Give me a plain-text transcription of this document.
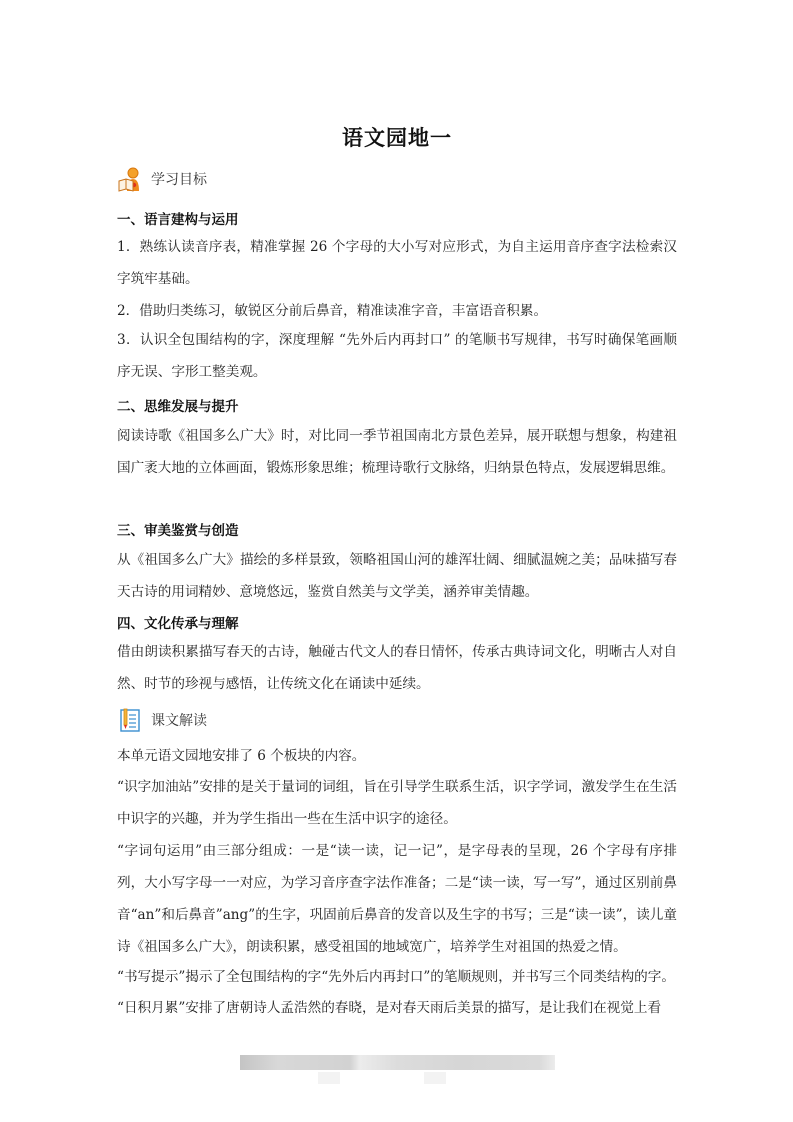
语文园地一
学习目标
一、语言建构与运用
1．熟练认读音序表，精准掌握 26 个字母的大小写对应形式，为自主运用音序查字法检索汉字筑牢基础。
2．借助归类练习，敏锐区分前后鼻音，精准读准字音，丰富语音积累。
3．认识全包围结构的字，深度理解 “先外后内再封口” 的笔顺书写规律，书写时确保笔画顺序无误、字形工整美观。
二、思维发展与提升
阅读诗歌《祖国多么广大》时，对比同一季节祖国南北方景色差异，展开联想与想象，构建祖国广袤大地的立体画面，锻炼形象思维；梳理诗歌行文脉络，归纳景色特点，发展逻辑思维。
三、审美鉴赏与创造
从《祖国多么广大》描绘的多样景致，领略祖国山河的雄浑壮阔、细腻温婉之美；品味描写春天古诗的用词精妙、意境悠远，鉴赏自然美与文学美，涵养审美情趣。
四、文化传承与理解
借由朗读积累描写春天的古诗，触碰古代文人的春日情怀，传承古典诗词文化，明晰古人对自然、时节的珍视与感悟，让传统文化在诵读中延续。
课文解读
本单元语文园地安排了 6 个板块的内容。
“识字加油站”安排的是关于量词的词组，旨在引导学生联系生活，识字学词，激发学生在生活中识字的兴趣，并为学生指出一些在生活中识字的途径。
“字词句运用”由三部分组成：一是“读一读，记一记”，是字母表的呈现，26 个字母有序排列，大小写字母一一对应，为学习音序查字法作准备；二是“读一读，写一写”，通过区别前鼻音“an”和后鼻音”ang”的生字，巩固前后鼻音的发音以及生字的书写；三是“读一读”，读儿童诗《祖国多么广大》，朗读积累，感受祖国的地域宽广，培养学生对祖国的热爱之情。
“书写提示”揭示了全包围结构的字“先外后内再封口”的笔顺规则，并书写三个同类结构的字。
“日积月累”安排了唐朝诗人孟浩然的春晓，是对春天雨后美景的描写，是让我们在视觉上看
